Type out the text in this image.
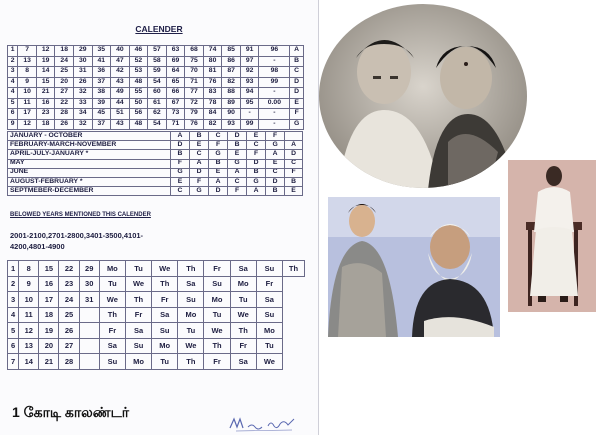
CALENDER
1	7	12	18	29	35	40	46	57	63	68	74	85	91	96	A
2	13	19	24	30	41	47	52	58	69	75	80	86	97	-	B
3	8	14	25	31	36	42	53	59	64	70	81	87	92	98	C
4	9	15	20	26	37	43	48	54	65	71	76	82	93	99	D
4	10	21	27	32	38	49	55	60	66	77	83	88	94	-	D
5	11	16	22	33	39	44	50	61	67	72	78	89	95	0.00	E
6	17	23	28	34	45	51	56	62	73	79	84	90	-	-	F
9	12	18	26	32	37	43	48	54	71	76	82	93	99	-	G
JANUARY - OCTOBER	A	B	C	D	E	F	
FEBRUARY-MARCH-NOVEMBER	D	E	F	B	C	G	A
APRIL-JULY-JANUARY *	B	C	G	E	F	A	D
MAY	F	A	B	G	D	E	C
JUNE	G	D	E	A	B	C	F
AUGUST-FEBRUARY *	E	F	A	C	G	D	B
SEPTMEBER-DECEMBER	C	G	D	F	A	B	E
BELOWED YEARS MENTIONED THIS CALENDER
2001-2100,2701-2800,3401-3500,4101-4200,4801-4900
1	8	15	22	29	Mo	Tu	We	Th	Fr	Sa	Su	Th
2	9	16	23	30	Tu	We	Th	Sa	Su	Mo	Fr	
3	10	17	24	31	We	Th	Fr	Su	Mo	Tu	Sa	
4	11	18	25		Th	Fr	Sa	Mo	Tu	We	Su	
5	12	19	26		Fr	Sa	Su	Tu	We	Th	Mo	
6	13	20	27		Sa	Su	Mo	We	Th	Fr	Tu	
7	14	21	28		Su	Mo	Tu	Th	Fr	Sa	We	
1 கோடி காலண்டர்
